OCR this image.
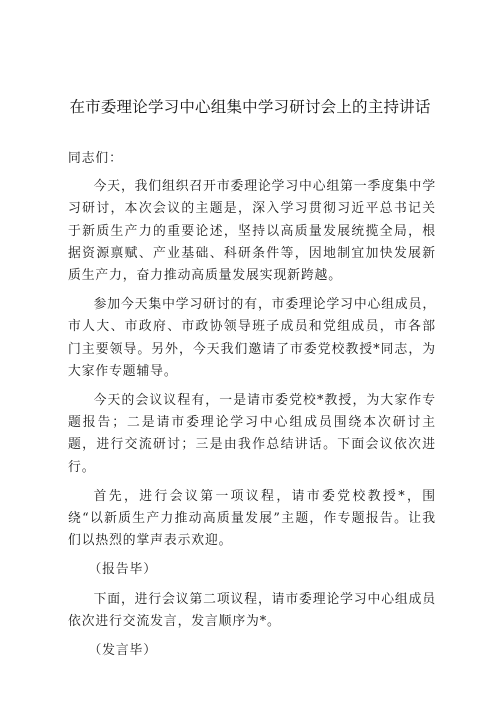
在市委理论学习中心组集中学习研讨会上的主持讲话

同志们：

今天，我们组织召开市委理论学习中心组第一季度集中学习研讨，本次会议的主题是，深入学习贯彻习近平总书记关于新质生产力的重要论述，坚持以高质量发展统揽全局，根据资源禀赋、产业基础、科研条件等，因地制宜加快发展新质生产力，奋力推动高质量发展实现新跨越。

参加今天集中学习研讨的有，市委理论学习中心组成员，市人大、市政府、市政协领导班子成员和党组成员，市各部门主要领导。另外，今天我们邀请了市委党校教授*同志，为大家作专题辅导。

今天的会议议程有，一是请市委党校*教授，为大家作专题报告；二是请市委理论学习中心组成员围绕本次研讨主题，进行交流研讨；三是由我作总结讲话。下面会议依次进行。

首先，进行会议第一项议程，请市委党校教授*，围绕“以新质生产力推动高质量发展”主题，作专题报告。让我们以热烈的掌声表示欢迎。

（报告毕）

下面，进行会议第二项议程，请市委理论学习中心组成员依次进行交流发言，发言顺序为*。

（发言毕）
